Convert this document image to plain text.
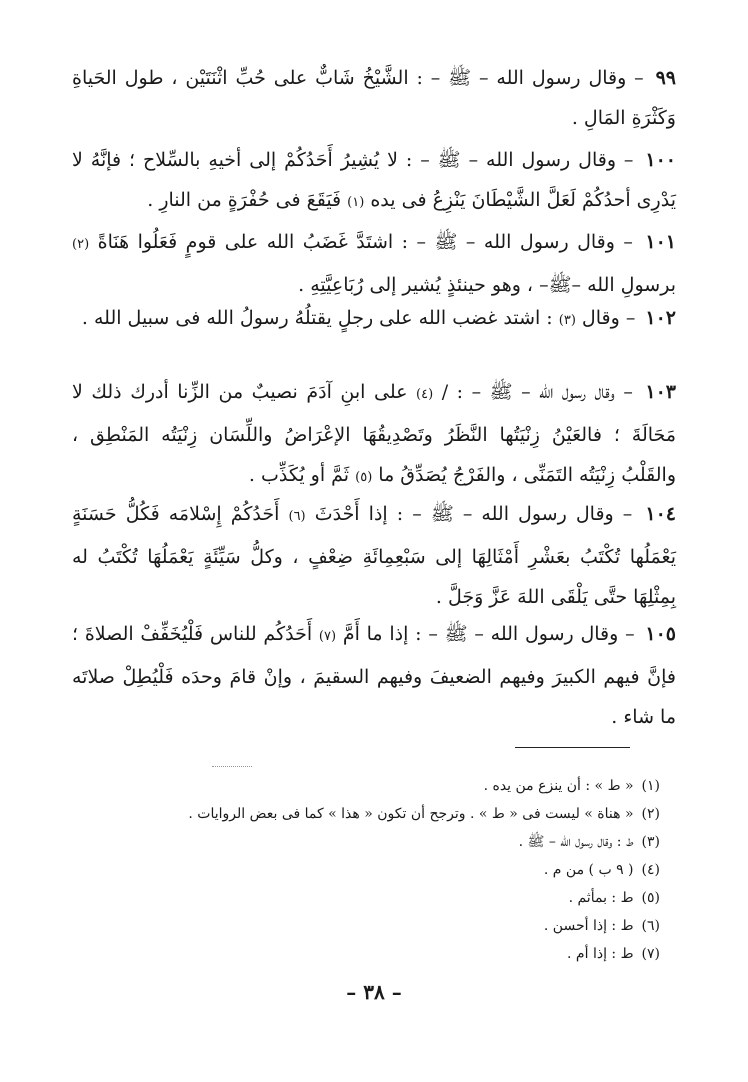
٩٩ – وقال رسول الله – ﷺ – : الشَّيْخُ شَابٌّ على حُبِّ اثْنَتَيْن ، طول الحَياةِ وَكَثْرَةِ المَالِ .

١٠٠ – وقال رسول الله – ﷺ – : لا يُشِيرُ أَحَدُكُمْ إلى أخيهِ بالسِّلاح ؛ فإنَّهُ لا يَدْرِى أحدُكُمْ لَعَلَّ الشَّيْطَانَ يَنْزِعُ فى يده (١) فَيَقَعَ فى حُفْرَةٍ من النارِ .

١٠١ – وقال رسول الله – ﷺ – : اشتَدَّ غَضَبُ الله على قومٍ فَعَلُوا هَنَاةً (٢) برسولِ الله –ﷺ– ، وهو حينئذٍ يُشير إلى رُبَاعِيَّتِهِ .

١٠٢ – وقال (٣) : اشتد غضب الله على رجلٍ يقتلُهُ رسولُ الله فى سبيل الله .

١٠٣ – وقال رسول الله – ﷺ – : / (٤) على ابنِ آدَمَ نصيبٌ من الزِّنا أدرك ذلك لا مَحَالَةَ ؛ فالعَيْنُ زِنْيَتُها النَّظَرُ وتَصْدِيقُهَا الإعْرَاضُ واللِّسَان زِنْيَتُه المَنْطِق ، والقَلْبُ زِنْيَتُه التَمَنِّى ، والفَرْجُ يُصَدِّقُ ما (٥) ثَمَّ أو يُكَذِّب .

١٠٤ – وقال رسول الله – ﷺ – : إذا أَحْدَثَ (٦) أَحَدُكُمْ إِسْلامَه فَكُلُّ حَسَنَةٍ يَعْمَلُها تُكْتَبُ بعَشْرِ أَمْثَالِهَا إلى سَبْعِمِائَةِ ضِعْفٍ ، وكلُّ سَيِّئَةٍ يَعْمَلُهَا تُكْتَبُ له بِمِثْلِهَا حتَّى يَلْقَى اللهَ عَزَّ وَجَلَّ .

١٠٥ – وقال رسول الله – ﷺ – : إذا ما أَمَّ (٧) أَحَدُكُم للناس فَلْيُخَفِّفْ الصلاةَ ؛ فإنَّ فيهم الكبيرَ وفيهم الضعيفَ وفيهم السقيمَ ، وإنْ قامَ وحدَه فَلْيُطِلْ صلاتَه ما شاء .

(١)« ط » : أن ينزع من يده .

(٢)« هناة » ليست فى « ط » . وترجح أن تكون « هذا » كما فى بعض الروايات .

(٣)ط : وقال رسول الله – ﷺ .

(٤)( ٩ ب ) من م .

(٥)ط : بمأثم .

(٦)ط : إذا أحسن .

(٧)ط : إذا أم .

– ٣٨ –
